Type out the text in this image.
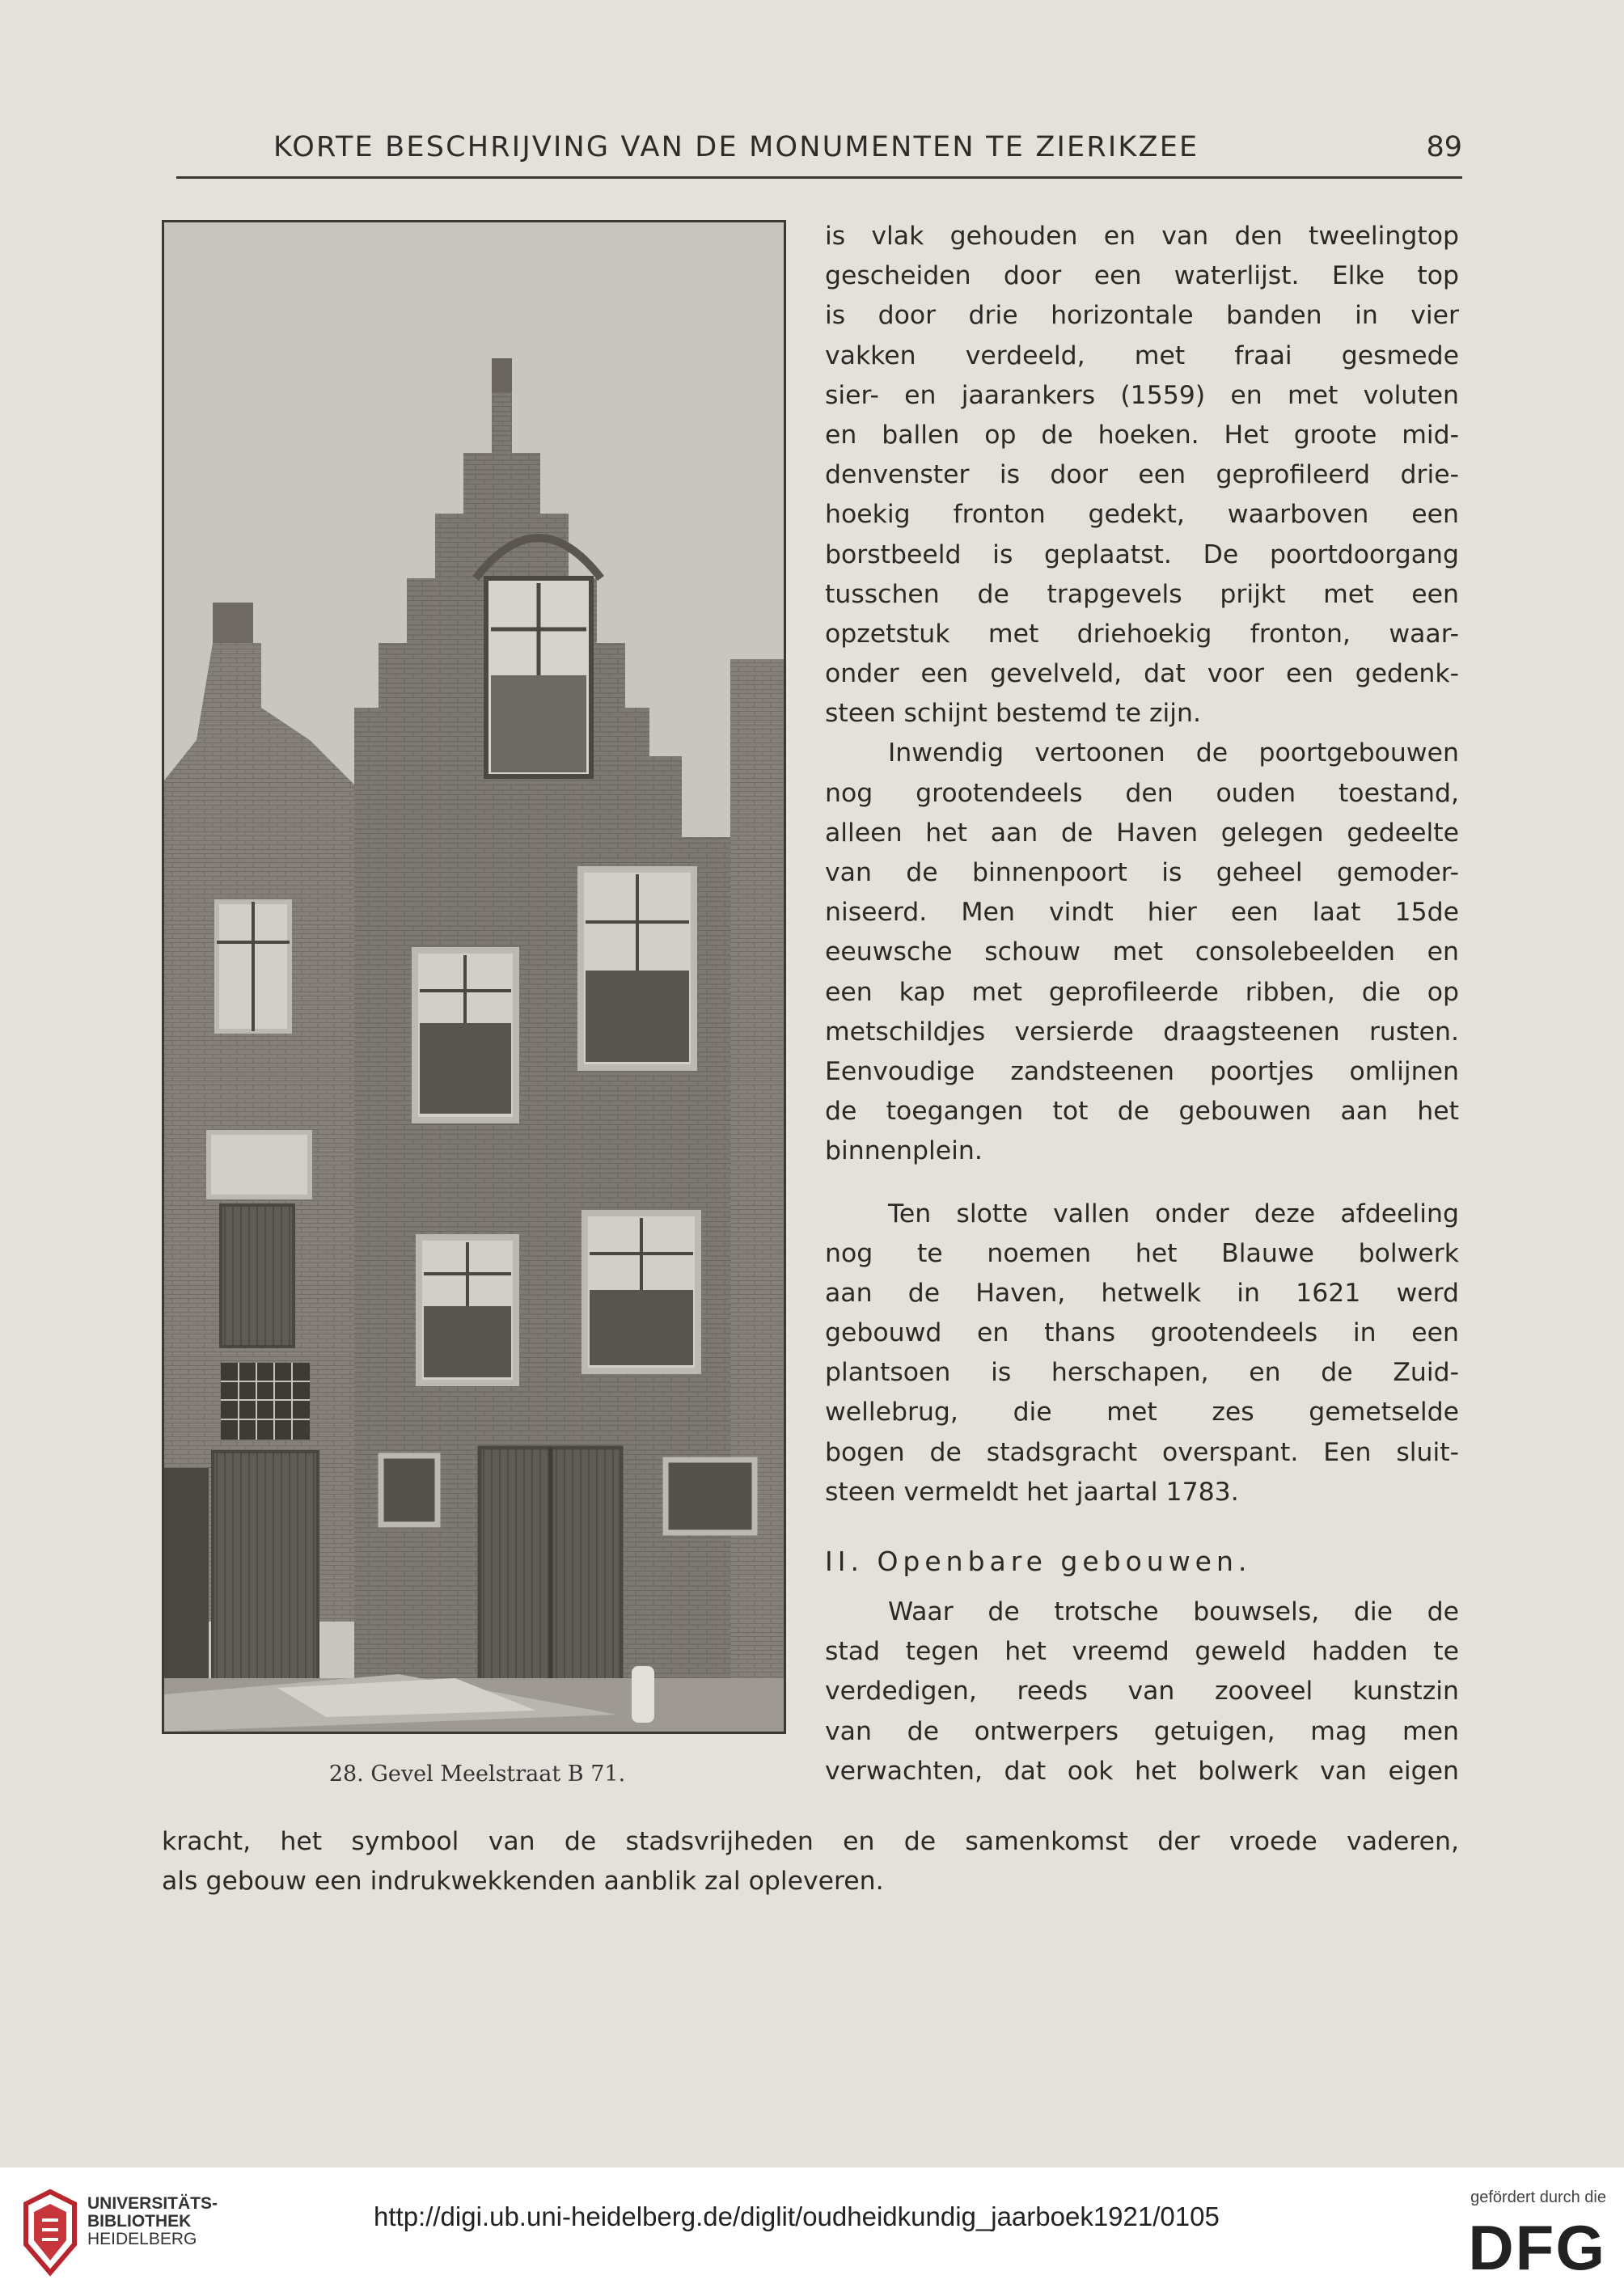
KORTE BESCHRIJVING VAN DE MONUMENTEN TE ZIERIKZEE	89
28. Gevel Meelstraat B 71.
is vlak gehouden en van den tweelingtop
gescheiden door een waterlijst. Elke top
is door drie horizontale banden in vier
vakken verdeeld, met fraai gesmede
sier- en jaarankers (1559) en met voluten
en ballen op de hoeken. Het groote mid-
denvenster is door een geprofileerd drie-
hoekig fronton gedekt, waarboven een
borstbeeld is geplaatst. De poortdoorgang
tusschen de trapgevels prijkt met een
opzetstuk met driehoekig fronton, waar-
onder een gevelveld, dat voor een gedenk-
steen schijnt bestemd te zijn.
Inwendig vertoonen de poortgebouwen
nog grootendeels den ouden toestand,
alleen het aan de Haven gelegen gedeelte
van de binnenpoort is geheel gemoder-
niseerd. Men vindt hier een laat 15de
eeuwsche schouw met consolebeelden en
een kap met geprofileerde ribben, die op
metschildjes versierde draagsteenen rusten.
Eenvoudige zandsteenen poortjes omlijnen
de toegangen tot de gebouwen aan het
binnenplein.
Ten slotte vallen onder deze afdeeling
nog te noemen het Blauwe bolwerk
aan de Haven, hetwelk in 1621 werd
gebouwd en thans grootendeels in een
plantsoen is herschapen, en de Zuid-
wellebrug, die met zes gemetselde
bogen de stadsgracht overspant. Een sluit-
steen vermeldt het jaartal 1783.
II. Openbare gebouwen.
Waar de trotsche bouwsels, die de
stad tegen het vreemd geweld hadden te
verdedigen, reeds van zooveel kunstzin
van de ontwerpers getuigen, mag men
verwachten, dat ook het bolwerk van eigen
kracht, het symbool van de stadsvrijheden en de samenkomst der vroede vaderen,
als gebouw een indrukwekkenden aanblik zal opleveren.
UNIVERSITÄTS-
BIBLIOTHEK
HEIDELBERG
http://digi.ub.uni-heidelberg.de/diglit/oudheidkundig_jaarboek1921/0105
gefördert durch die
DFG
